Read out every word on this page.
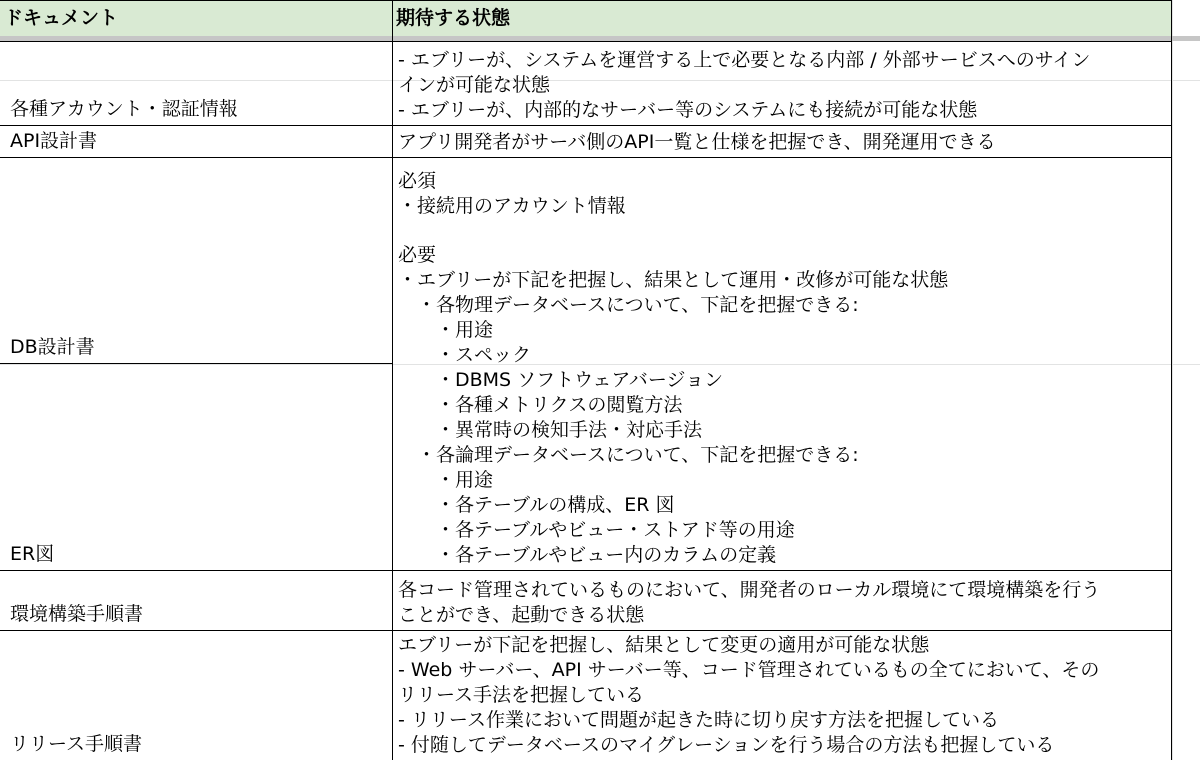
ドキュメント	期待する状態
各種アカウント・認証情報
- エブリーが、システムを運営する上で必要となる内部 / 外部サービスへのサイン
インが可能な状態
- エブリーが、内部的なサーバー等のシステムにも接続が可能な状態
API設計書	アプリ開発者がサーバ側のAPI一覧と仕様を把握でき、開発運用できる
DB設計書
ER図
必須
・接続用のアカウント情報
必要
・エブリーが下記を把握し、結果として運用・改修が可能な状態
　・各物理データベースについて、下記を把握できる:
　　・用途
　　・スペック
　　・DBMS ソフトウェアバージョン
　　・各種メトリクスの閲覧方法
　　・異常時の検知手法・対応手法
　・各論理データベースについて、下記を把握できる:
　　・用途
　　・各テーブルの構成、ER 図
　　・各テーブルやビュー・ストアド等の用途
　　・各テーブルやビュー内のカラムの定義
環境構築手順書
各コード管理されているものにおいて、開発者のローカル環境にて環境構築を行う
ことができ、起動できる状態
リリース手順書
エブリーが下記を把握し、結果として変更の適用が可能な状態
- Web サーバー、API サーバー等、コード管理されているもの全てにおいて、その
リリース手法を把握している
- リリース作業において問題が起きた時に切り戻す方法を把握している
- 付随してデータベースのマイグレーションを行う場合の方法も把握している
